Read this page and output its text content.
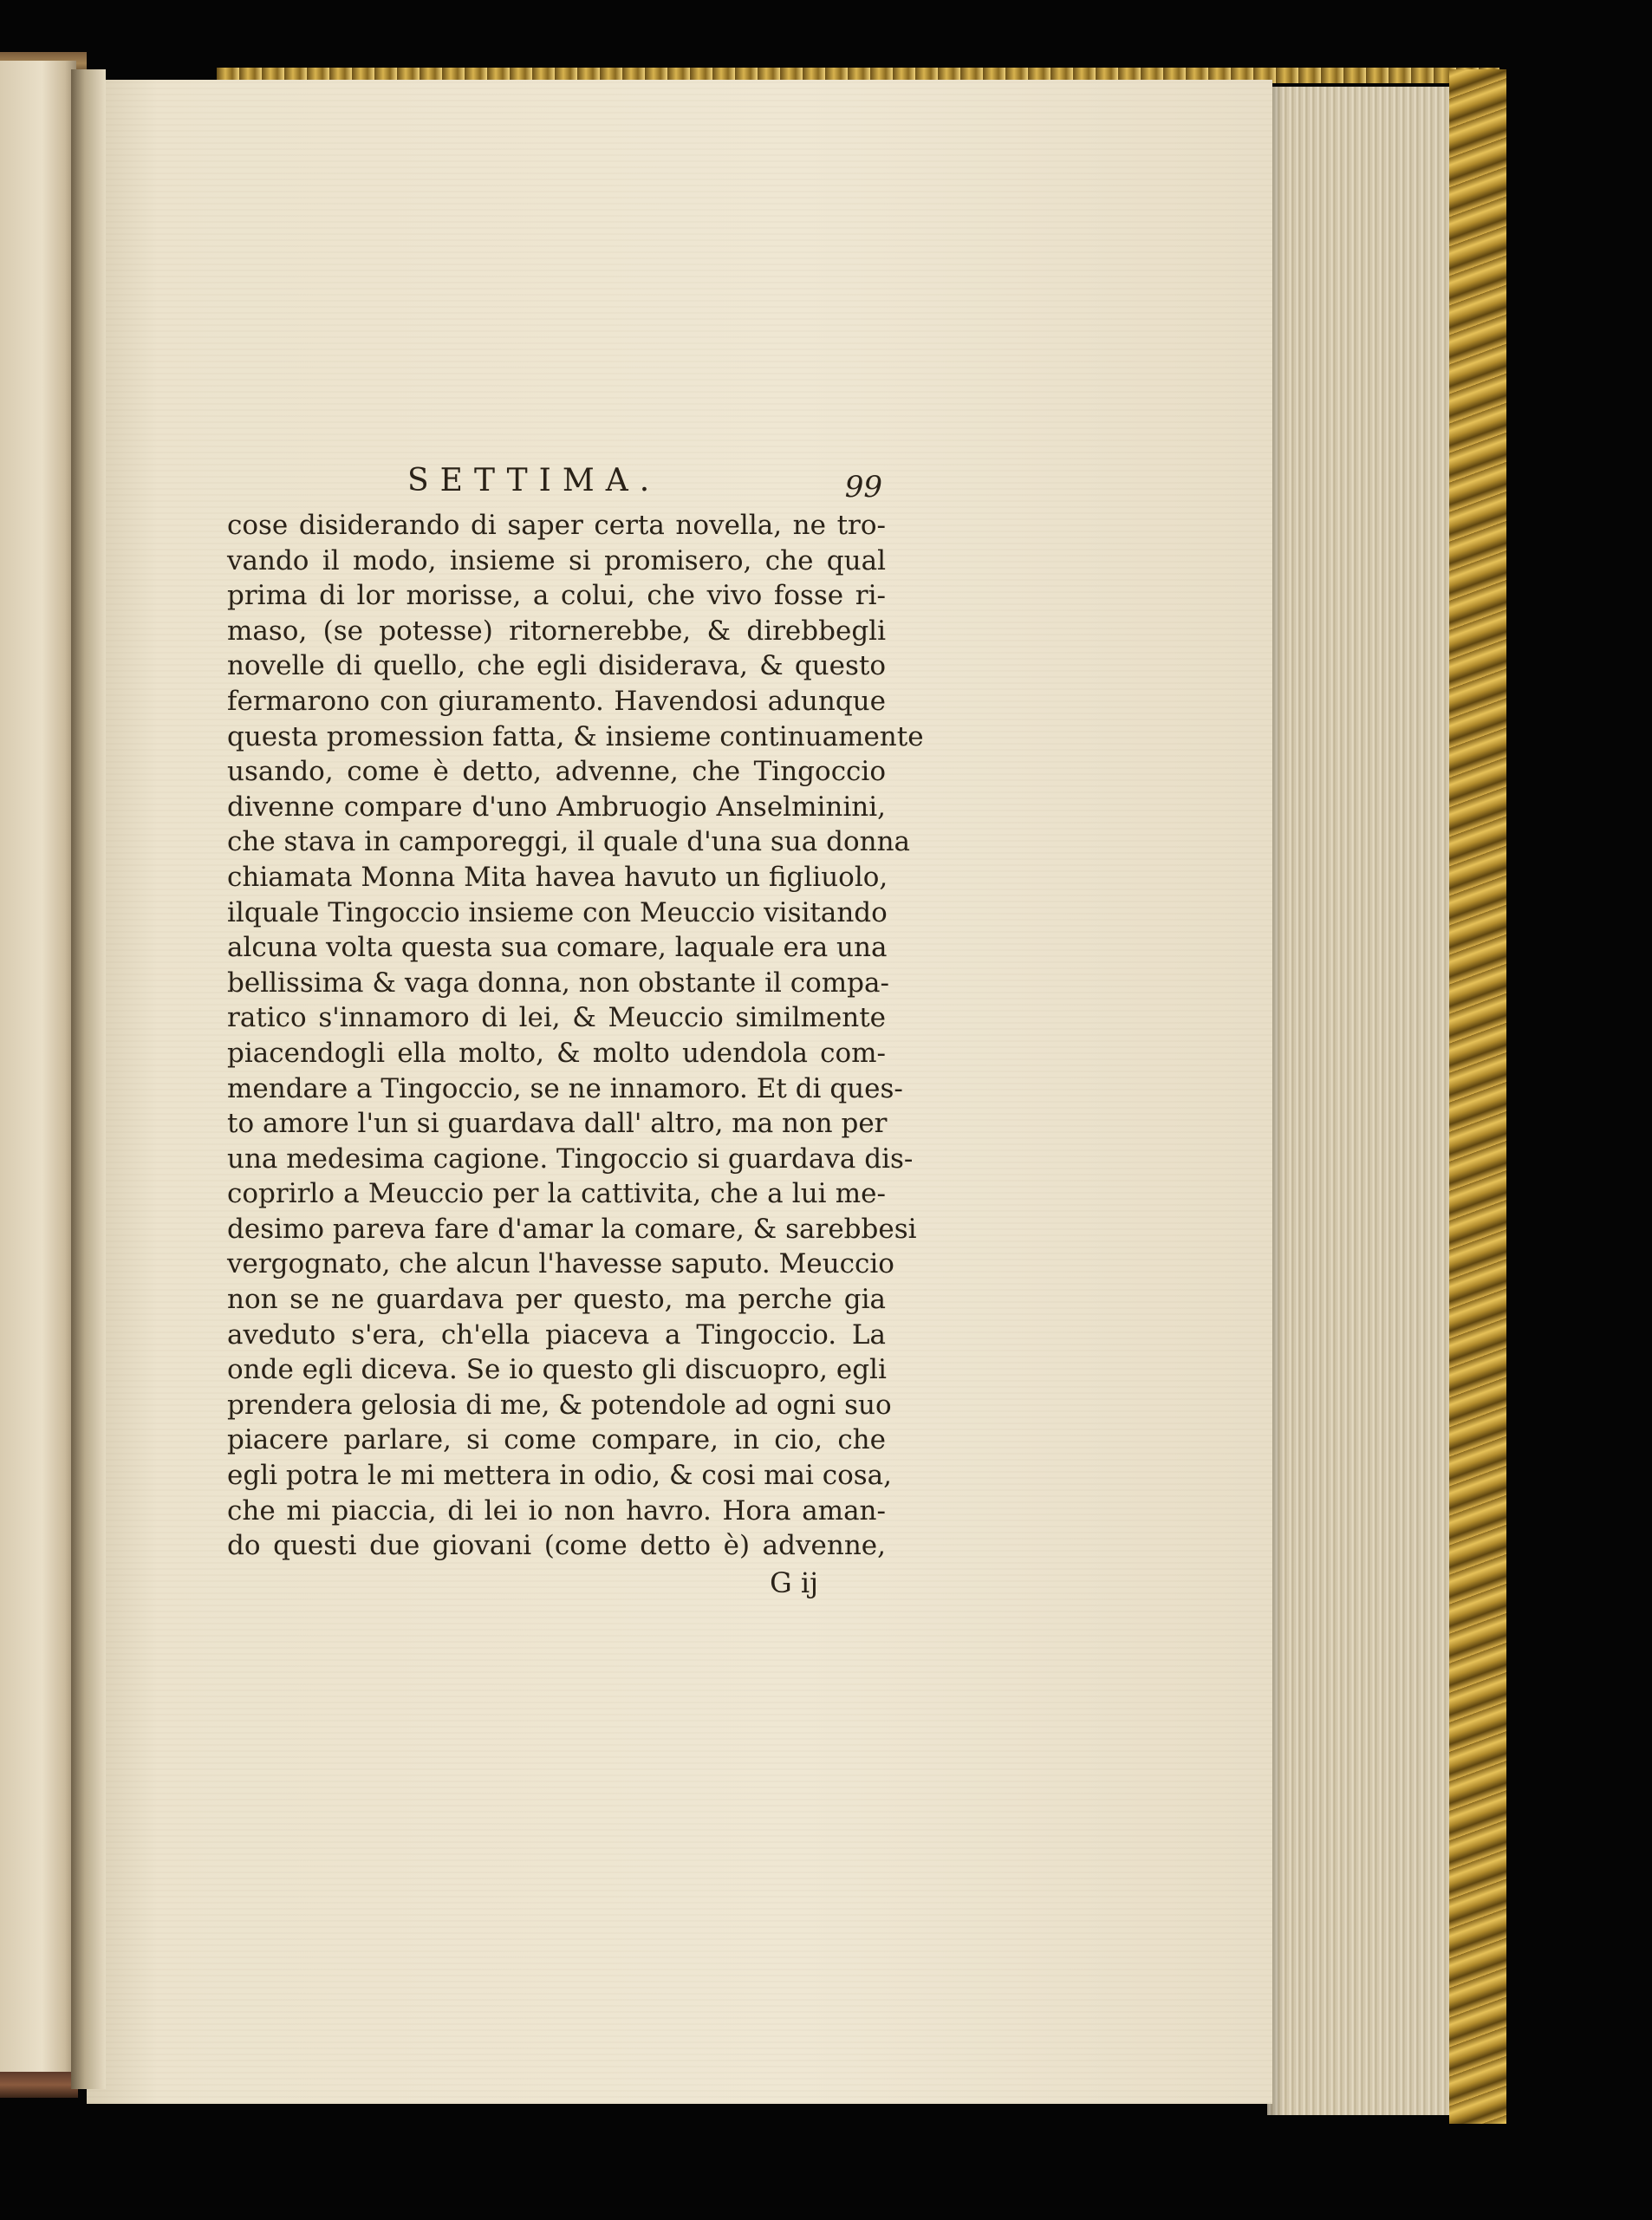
SETTIMA.	99
cose disiderando di saper certa novella, ne tro-
vando il modo, insieme si promisero, che qual
prima di lor morisse, a colui, che vivo fosse ri-
maso, (se potesse) ritornerebbe, & direbbegli
novelle di quello, che egli disiderava, & questo
fermarono con giuramento. Havendosi adunque
questa promession fatta, & insieme continuamente
usando, come è detto, advenne, che Tingoccio
divenne compare d'uno Ambruogio Anselminini,
che stava in camporeggi, il quale d'una sua donna
chiamata Monna Mita havea havuto un figliuolo,
ilquale Tingoccio insieme con Meuccio visitando
alcuna volta questa sua comare, laquale era una
bellissima & vaga donna, non obstante il compa-
ratico s'innamoro di lei, & Meuccio similmente
piacendogli ella molto, & molto udendola com-
mendare a Tingoccio, se ne innamoro. Et di ques-
to amore l'un si guardava dall' altro, ma non per
una medesima cagione. Tingoccio si guardava dis-
coprirlo a Meuccio per la cattivita, che a lui me-
desimo pareva fare d'amar la comare, & sarebbesi
vergognato, che alcun l'havesse saputo. Meuccio
non se ne guardava per questo, ma perche gia
aveduto s'era, ch'ella piaceva a Tingoccio. La
onde egli diceva. Se io questo gli discuopro, egli
prendera gelosia di me, & potendole ad ogni suo
piacere parlare, si come compare, in cio, che
egli potra le mi mettera in odio, & cosi mai cosa,
che mi piaccia, di lei io non havro. Hora aman-
do questi due giovani (come detto è) advenne,
G ij
